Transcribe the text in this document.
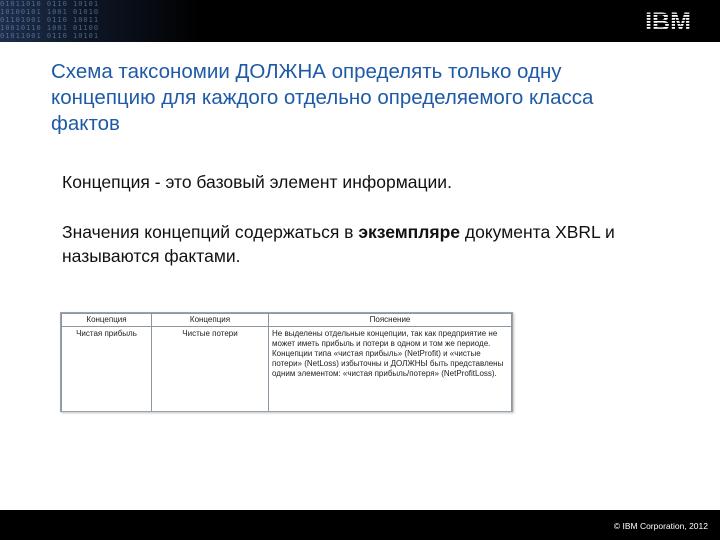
01011010 0110 10101
10100101 1001 01010
01101001 0110 10011
10010110 1001 01100
01011001 0110 10101	IBM
Схема таксономии ДОЛЖНА определять только одну концепцию для каждого отдельно определяемого класса фактов

Концепция - это базовый элемент информации.

Значения концепций содержаться в экземпляре документа XBRL и называются фактами.

Концепция	Концепция	Пояснение
Чистая прибыль	Чистые потери	Не выделены отдельные концепции, так как предприятие не может иметь прибыль и потери в одном и том же периоде. Концепции типа «чистая прибыль» (NetProfit) и «чистые потери» (NetLoss) избыточны и ДОЛЖНЫ быть представлены одним элементом: «чистая прибыль/потеря» (NetProfitLoss).
© IBM Corporation, 2012
